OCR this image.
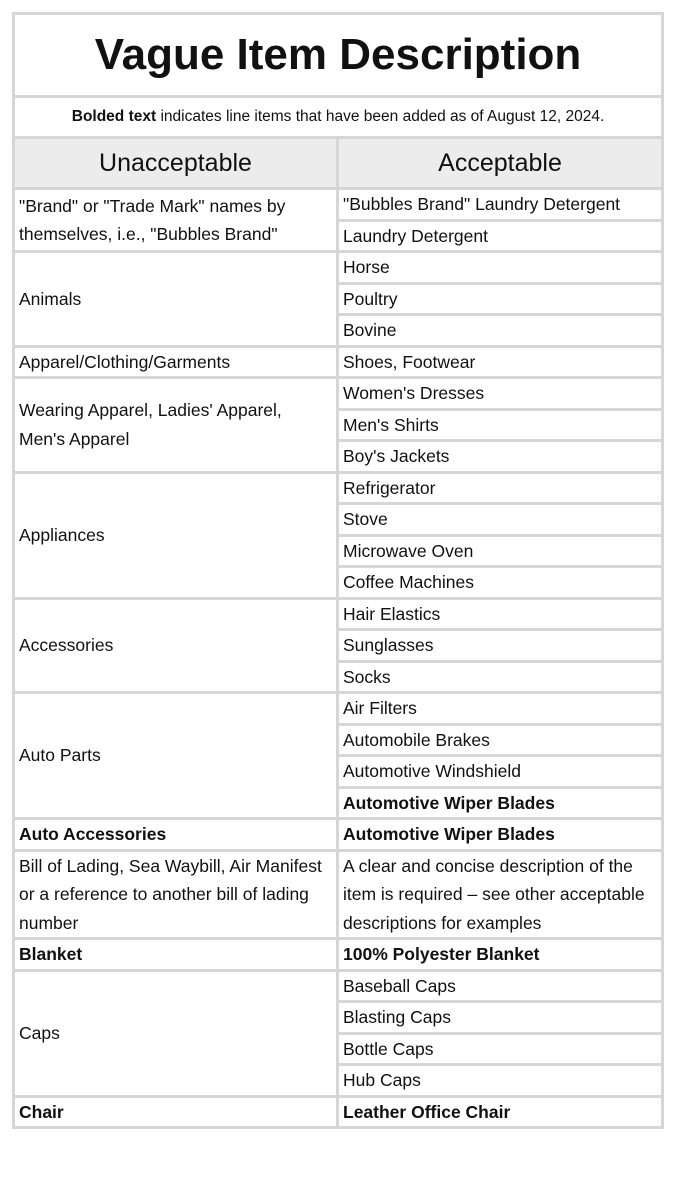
Vague Item Description	
Bolded text indicates line items that have been added as of August 12, 2024.	
Unacceptable	Acceptable
"Brand" or "Trade Mark" names by themselves, i.e., "Bubbles Brand"	"Bubbles Brand" Laundry Detergent
	Laundry Detergent
Animals	Horse
	Poultry
	Bovine
Apparel/Clothing/Garments	Shoes, Footwear
Wearing Apparel, Ladies' Apparel, Men's Apparel	Women's Dresses
	Men's Shirts
	Boy's Jackets
Appliances	Refrigerator
	Stove
	Microwave Oven
	Coffee Machines
Accessories	Hair Elastics
	Sunglasses
	Socks
Auto Parts	Air Filters
	Automobile Brakes
	Automotive Windshield
	Automotive Wiper Blades
Auto Accessories	Automotive Wiper Blades
Bill of Lading, Sea Waybill, Air Manifest or a reference to another bill of lading number	A clear and concise description of the item is required – see other acceptable descriptions for examples
Blanket	100% Polyester Blanket
Caps	Baseball Caps
	Blasting Caps
	Bottle Caps
	Hub Caps
Chair	Leather Office Chair
